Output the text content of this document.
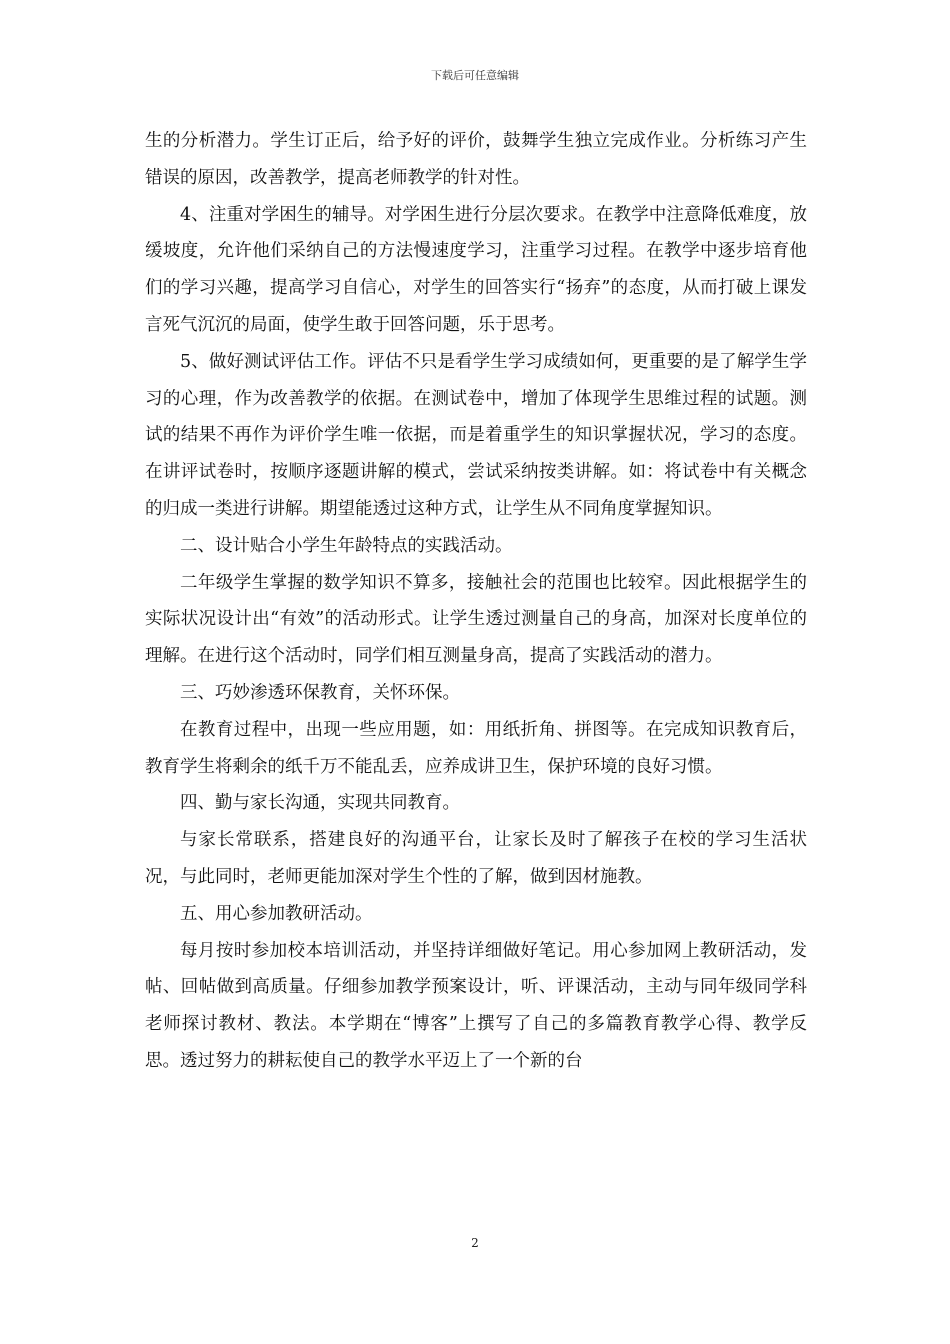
下载后可任意编辑

生的分析潜力。学生订正后，给予好的评价，鼓舞学生独立完成作业。分析练习产生错误的原因，改善教学，提高老师教学的针对性。

4、注重对学困生的辅导。对学困生进行分层次要求。在教学中注意降低难度，放缓坡度，允许他们采纳自己的方法慢速度学习，注重学习过程。在教学中逐步培育他们的学习兴趣，提高学习自信心，对学生的回答实行“扬弃”的态度，从而打破上课发言死气沉沉的局面，使学生敢于回答问题，乐于思考。

5、做好测试评估工作。评估不只是看学生学习成绩如何，更重要的是了解学生学习的心理，作为改善教学的依据。在测试卷中，增加了体现学生思维过程的试题。测试的结果不再作为评价学生唯一依据，而是着重学生的知识掌握状况，学习的态度。在讲评试卷时，按顺序逐题讲解的模式，尝试采纳按类讲解。如：将试卷中有关概念的归成一类进行讲解。期望能透过这种方式，让学生从不同角度掌握知识。

二、设计贴合小学生年龄特点的实践活动。

二年级学生掌握的数学知识不算多，接触社会的范围也比较窄。因此根据学生的实际状况设计出“有效”的活动形式。让学生透过测量自己的身高，加深对长度单位的理解。在进行这个活动时，同学们相互测量身高，提高了实践活动的潜力。

三、巧妙渗透环保教育，关怀环保。

在教育过程中，出现一些应用题，如：用纸折角、拼图等。在完成知识教育后，教育学生将剩余的纸千万不能乱丢，应养成讲卫生，保护环境的良好习惯。

四、勤与家长沟通，实现共同教育。

与家长常联系，搭建良好的沟通平台，让家长及时了解孩子在校的学习生活状况，与此同时，老师更能加深对学生个性的了解，做到因材施教。

五、用心参加教研活动。

每月按时参加校本培训活动，并坚持详细做好笔记。用心参加网上教研活动，发帖、回帖做到高质量。仔细参加教学预案设计，听、评课活动，主动与同年级同学科老师探讨教材、教法。本学期在“博客”上撰写了自己的多篇教育教学心得、教学反思。透过努力的耕耘使自己的教学水平迈上了一个新的台

2
